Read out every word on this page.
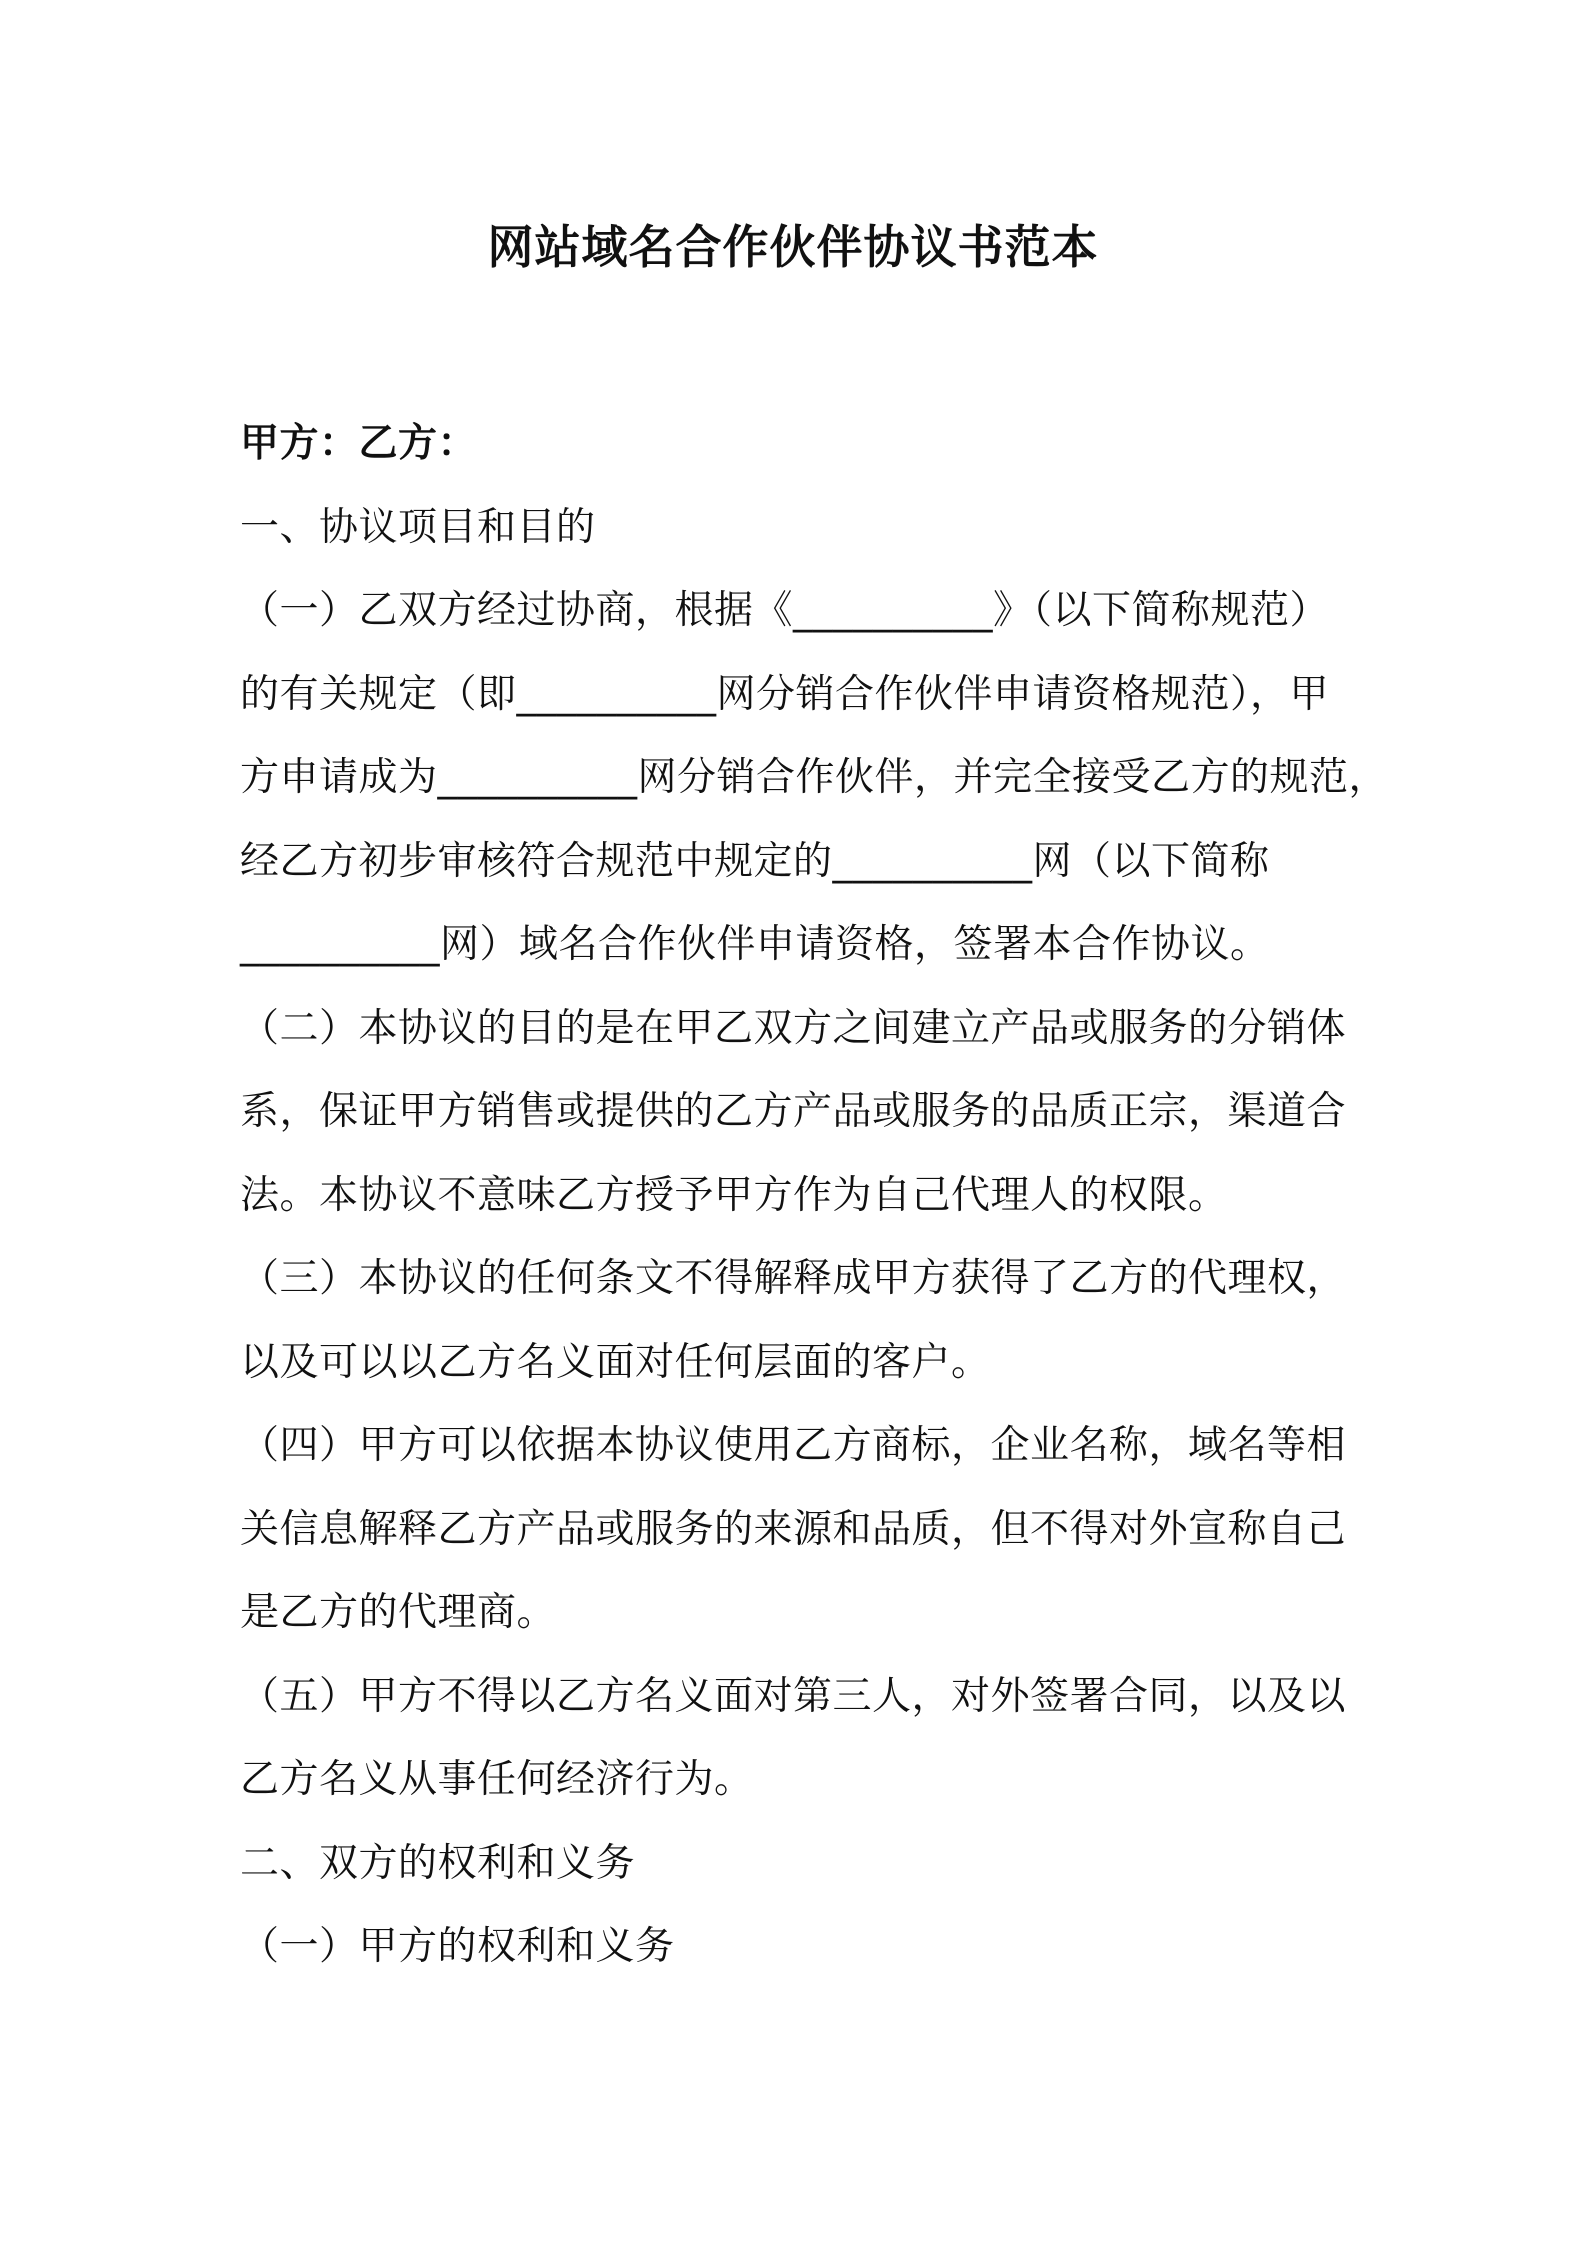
网站域名合作伙伴协议书范本
甲方：乙方：
一、协议项目和目的
（一）乙双方经过协商，根据《__________》（以下简称规范）
的有关规定（即__________网分销合作伙伴申请资格规范），甲
方申请成为__________网分销合作伙伴，并完全接受乙方的规范，
经乙方初步审核符合规范中规定的__________网（以下简称
__________网）域名合作伙伴申请资格，签署本合作协议。
（二）本协议的目的是在甲乙双方之间建立产品或服务的分销体
系，保证甲方销售或提供的乙方产品或服务的品质正宗，渠道合
法。本协议不意味乙方授予甲方作为自己代理人的权限。
（三）本协议的任何条文不得解释成甲方获得了乙方的代理权，
以及可以以乙方名义面对任何层面的客户。
（四）甲方可以依据本协议使用乙方商标，企业名称，域名等相
关信息解释乙方产品或服务的来源和品质，但不得对外宣称自己
是乙方的代理商。
（五）甲方不得以乙方名义面对第三人，对外签署合同，以及以
乙方名义从事任何经济行为。
二、双方的权利和义务
（一）甲方的权利和义务
